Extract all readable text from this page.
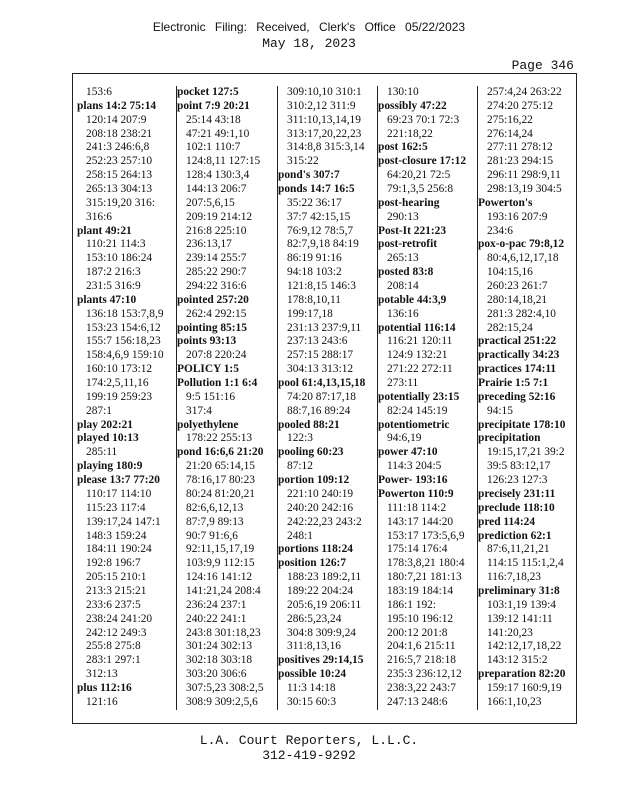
Electronic Filing: Received, Clerk's Office 05/22/2023
May 18, 2023
Page 346
153:6
plans 14:2 75:14
120:14 207:9
208:18 238:21
241:3 246:6,8
252:23 257:10
258:15 264:13
265:13 304:13
315:19,20 316:
316:6
plant 49:21
110:21 114:3
153:10 186:24
187:2 216:3
231:5 316:9
plants 47:10
136:18 153:7,8,9
153:23 154:6,12
155:7 156:18,23
158:4,6,9 159:10
160:10 173:12
174:2,5,11,16
199:19 259:23
287:1
play 202:21
played 10:13
285:11
playing 180:9
please 13:7 77:20
110:17 114:10
115:23 117:4
139:17,24 147:1
148:3 159:24
184:11 190:24
192:8 196:7
205:15 210:1
213:3 215:21
233:6 237:5
238:24 241:20
242:12 249:3
255:8 275:8
283:1 297:1
312:13
plus 112:16
121:16
pocket 127:5
point 7:9 20:21
25:14 43:18
47:21 49:1,10
102:1 110:7
124:8,11 127:15
128:4 130:3,4
144:13 206:7
207:5,6,15
209:19 214:12
216:8 225:10
236:13,17
239:14 255:7
285:22 290:7
294:22 316:6
pointed 257:20
262:4 292:15
pointing 85:15
points 93:13
207:8 220:24
POLICY 1:5
Pollution 1:1 6:4
9:5 151:16
317:4
polyethylene
178:22 255:13
pond 16:6,6 21:20
21:20 65:14,15
78:16,17 80:23
80:24 81:20,21
82:6,6,12,13
87:7,9 89:13
90:7 91:6,6
92:11,15,17,19
103:9,9 112:15
124:16 141:12
141:21,24 208:4
236:24 237:1
240:22 241:1
243:8 301:18,23
301:24 302:13
302:18 303:18
303:20 306:6
307:5,23 308:2,5
308:9 309:2,5,6
309:10,10 310:1
310:2,12 311:9
311:10,13,14,19
313:17,20,22,23
314:8,8 315:3,14
315:22
pond's 307:7
ponds 14:7 16:5
35:22 36:17
37:7 42:15,15
76:9,12 78:5,7
82:7,9,18 84:19
86:19 91:16
94:18 103:2
121:8,15 146:3
178:8,10,11
199:17,18
231:13 237:9,11
237:13 243:6
257:15 288:17
304:13 313:12
pool 61:4,13,15,18
74:20 87:17,18
88:7,16 89:24
pooled 88:21
122:3
pooling 60:23
87:12
portion 109:12
221:10 240:19
240:20 242:16
242:22,23 243:2
248:1
portions 118:24
position 126:7
188:23 189:2,11
189:22 204:24
205:6,19 206:11
286:5,23,24
304:8 309:9,24
311:8,13,16
positives 29:14,15
possible 10:24
11:3 14:18
30:15 60:3
130:10
possibly 47:22
69:23 70:1 72:3
221:18,22
post 162:5
post-closure 17:12
64:20,21 72:5
79:1,3,5 256:8
post-hearing
290:13
Post-It 221:23
post-retrofit
265:13
posted 83:8
208:14
potable 44:3,9
136:16
potential 116:14
116:21 120:11
124:9 132:21
271:22 272:11
273:11
potentially 23:15
82:24 145:19
potentiometric
94:6,19
power 47:10
114:3 204:5
Power- 193:16
Powerton 110:9
111:18 114:2
143:17 144:20
153:17 173:5,6,9
175:14 176:4
178:3,8,21 180:4
180:7,21 181:13
183:19 184:14
186:1 192:
195:10 196:12
200:12 201:8
204:1,6 215:11
216:5,7 218:18
235:3 236:12,12
238:3,22 243:7
247:13 248:6
257:4,24 263:22
274:20 275:12
275:16,22
276:14,24
277:11 278:12
281:23 294:15
296:11 298:9,11
298:13,19 304:5
Powerton's
193:16 207:9
234:6
pox-o-pac 79:8,12
80:4,6,12,17,18
104:15,16
260:23 261:7
280:14,18,21
281:3 282:4,10
282:15,24
practical 251:22
practically 34:23
practices 174:11
Prairie 1:5 7:1
preceding 52:16
94:15
precipitate 178:10
precipitation
19:15,17,21 39:2
39:5 83:12,17
126:23 127:3
precisely 231:11
preclude 118:10
pred 114:24
prediction 62:1
87:6,11,21,21
114:15 115:1,2,4
116:7,18,23
preliminary 31:8
103:1,19 139:4
139:12 141:11
141:20,23
142:12,17,18,22
143:12 315:2
preparation 82:20
159:17 160:9,19
166:1,10,23
L.A. Court Reporters, L.L.C.
312-419-9292
